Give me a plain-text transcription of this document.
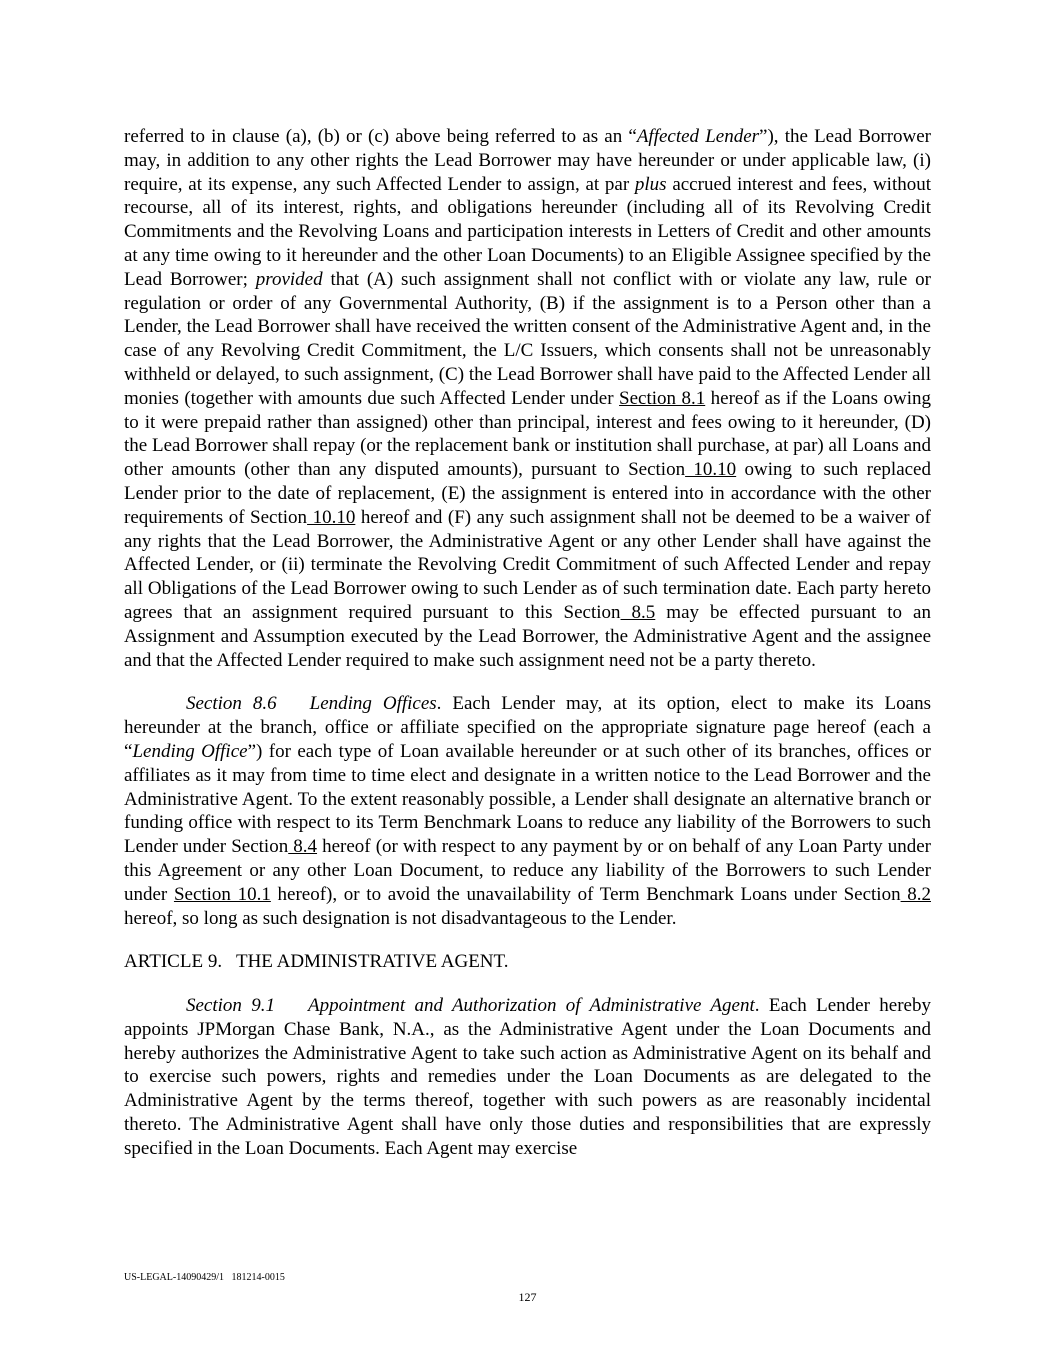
referred to in clause (a), (b) or (c) above being referred to as an “Affected Lender”), the Lead Borrower may, in addition to any other rights the Lead Borrower may have hereunder or under applicable law, (i) require, at its expense, any such Affected Lender to assign, at par plus accrued interest and fees, without recourse, all of its interest, rights, and obligations hereunder (including all of its Revolving Credit Commitments and the Revolving Loans and participation interests in Letters of Credit and other amounts at any time owing to it hereunder and the other Loan Documents) to an Eligible Assignee specified by the Lead Borrower; provided that (A) such assignment shall not conflict with or violate any law, rule or regulation or order of any Governmental Authority, (B) if the assignment is to a Person other than a Lender, the Lead Borrower shall have received the written consent of the Administrative Agent and, in the case of any Revolving Credit Commitment, the L/C Issuers, which consents shall not be unreasonably withheld or delayed, to such assignment, (C) the Lead Borrower shall have paid to the Affected Lender all monies (together with amounts due such Affected Lender under Section 8.1 hereof as if the Loans owing to it were prepaid rather than assigned) other than principal, interest and fees owing to it hereunder, (D) the Lead Borrower shall repay (or the replacement bank or institution shall purchase, at par) all Loans and other amounts (other than any disputed amounts), pursuant to Section 10.10 owing to such replaced Lender prior to the date of replacement, (E) the assignment is entered into in accordance with the other requirements of Section 10.10 hereof and (F) any such assignment shall not be deemed to be a waiver of any rights that the Lead Borrower, the Administrative Agent or any other Lender shall have against the Affected Lender, or (ii) terminate the Revolving Credit Commitment of such Affected Lender and repay all Obligations of the Lead Borrower owing to such Lender as of such termination date. Each party hereto agrees that an assignment required pursuant to this Section 8.5 may be effected pursuant to an Assignment and Assumption executed by the Lead Borrower, the Administrative Agent and the assignee and that the Affected Lender required to make such assignment need not be a party thereto.

Section 8.6 Lending Offices. Each Lender may, at its option, elect to make its Loans hereunder at the branch, office or affiliate specified on the appropriate signature page hereof (each a “Lending Office”) for each type of Loan available hereunder or at such other of its branches, offices or affiliates as it may from time to time elect and designate in a written notice to the Lead Borrower and the Administrative Agent. To the extent reasonably possible, a Lender shall designate an alternative branch or funding office with respect to its Term Benchmark Loans to reduce any liability of the Borrowers to such Lender under Section 8.4 hereof (or with respect to any payment by or on behalf of any Loan Party under this Agreement or any other Loan Document, to reduce any liability of the Borrowers to such Lender under Section 10.1 hereof), or to avoid the unavailability of Term Benchmark Loans under Section 8.2 hereof, so long as such designation is not disadvantageous to the Lender.

ARTICLE 9.   THE ADMINISTRATIVE AGENT.

Section 9.1 Appointment and Authorization of Administrative Agent. Each Lender hereby appoints JPMorgan Chase Bank, N.A., as the Administrative Agent under the Loan Documents and hereby authorizes the Administrative Agent to take such action as Administrative Agent on its behalf and to exercise such powers, rights and remedies under the Loan Documents as are delegated to the Administrative Agent by the terms thereof, together with such powers as are reasonably incidental thereto. The Administrative Agent shall have only those duties and responsibilities that are expressly specified in the Loan Documents. Each Agent may exercise

US-LEGAL-14090429/1   181214-0015
127
